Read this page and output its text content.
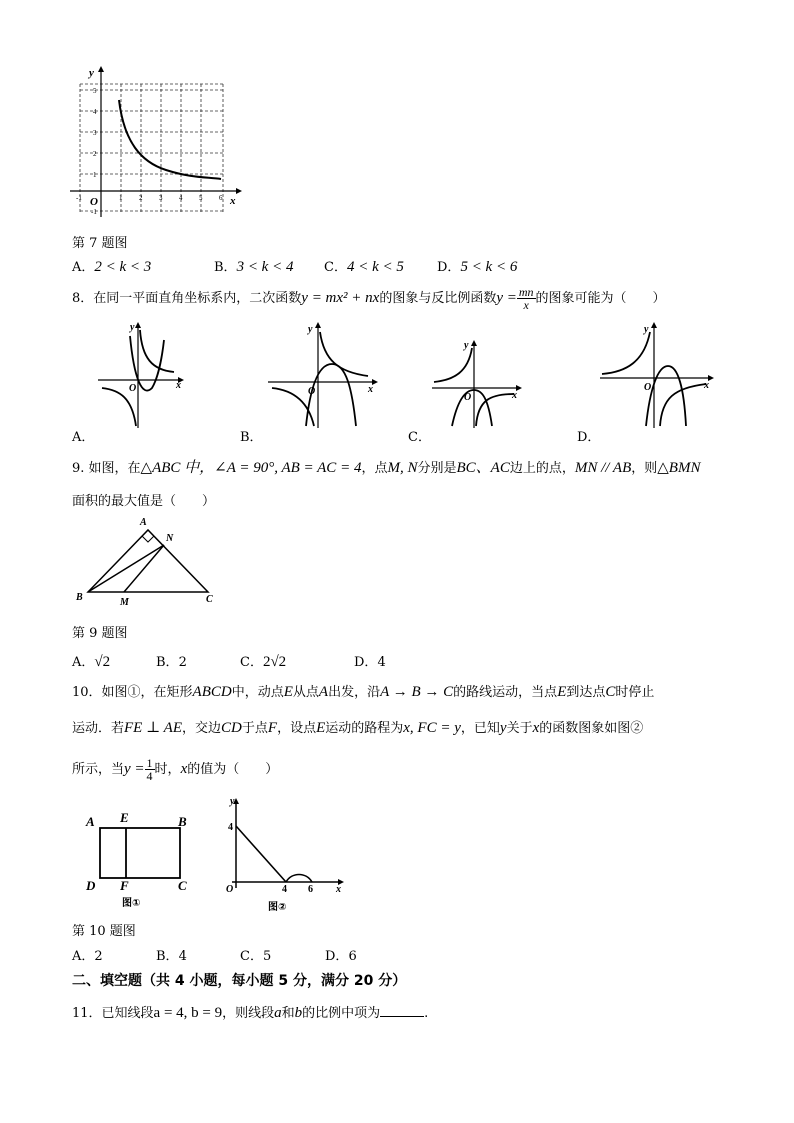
y
x
O
5
4
3
2
1
-1
-1	1 2 3 4 5 6
第 7 题图
A．2 < k < 3	B．3 < k < 4 C．4 < k < 5	D．5 < k < 6
8．在同一平面直角坐标系内，二次函数y = mx² + nx的图象与反比例函数$y = \frac{mn}{x}$ 的图象可能为（　　）
y
x
O
y
x
O
y
x
O
y
x
O
A．	B．	C．	D．
9. 如图，在△ABC 中，∠A = 90°, AB = AC = 4，点M, N分别是BC、AC边上的点，MN // AB，则△BMN
面积的最大值是（　　）
A
N
B	M	C
第 9 题图
A．√2	B．2	C．2√2	D．4
10．如图①，在矩形ABCD中，动点E从点A出发，沿A → B → C的路线运动，当点E到达点C时停止
运动．若FE ⊥ AE，交边CD于点F，设点E运动的路程为x, FC = y，已知y关于x的函数图象如图②
所示，当$y = \frac{1}{4}$ 时，x的值为（　　）
A E	B
D F	C
图①
y
x
O
4
4 6
图②
第 10 题图
A．2	B．4	C．5	D．6
二、填空题（共 4 小题，每小题 5 分，满分 20 分）
11．已知线段a = 4, b = 9，则线段a和b的比例中项为	.
